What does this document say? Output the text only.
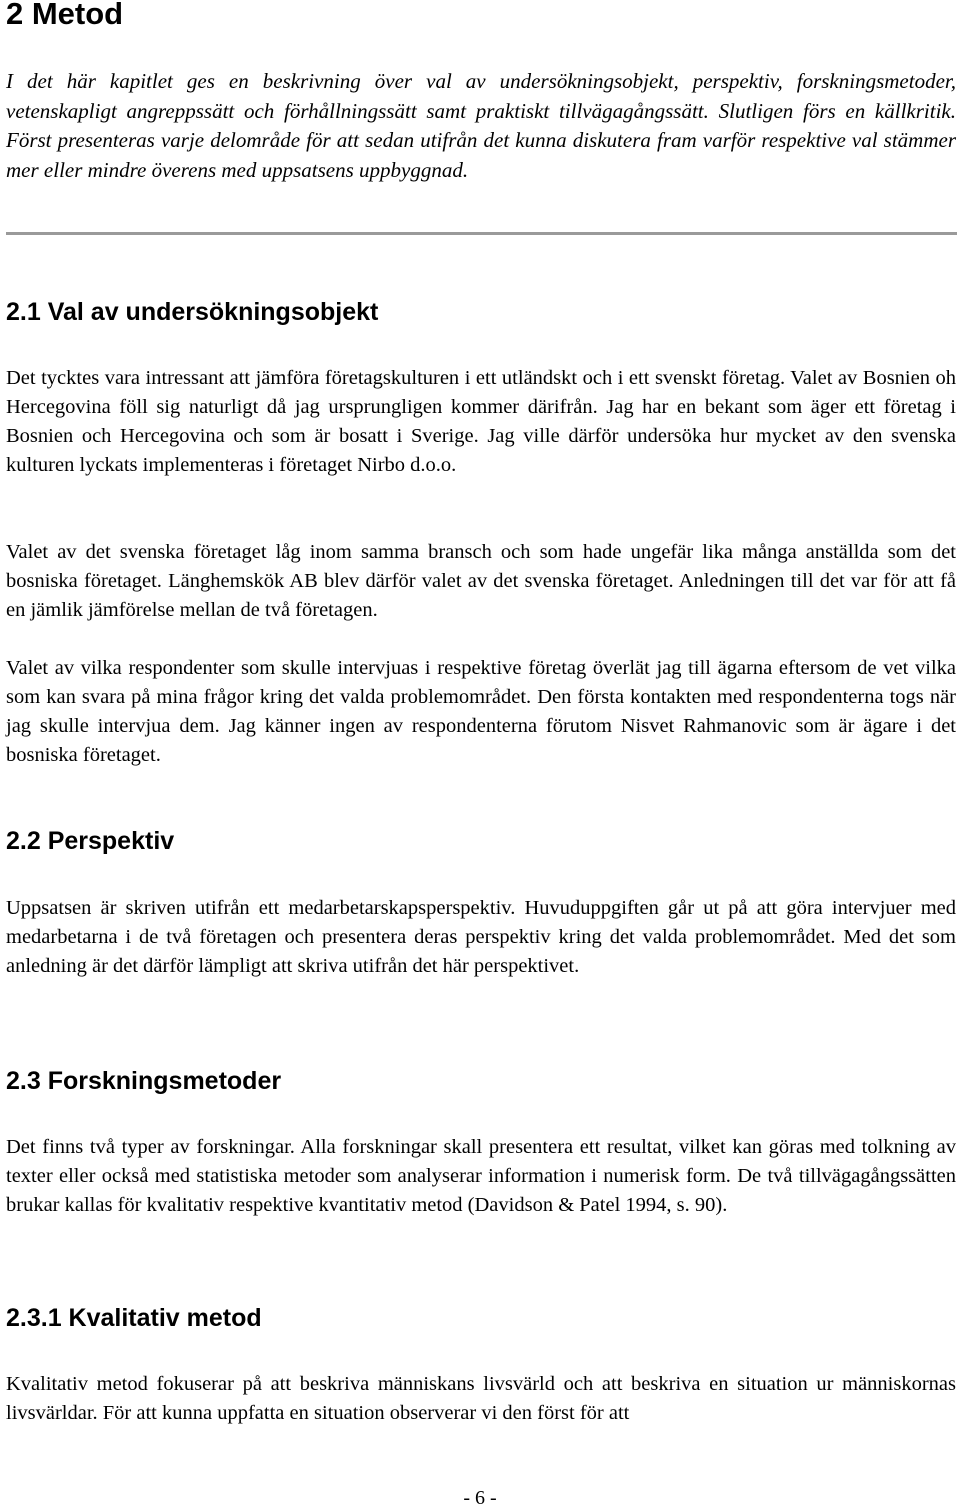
2 Metod

I det här kapitlet ges en beskrivning över val av undersökningsobjekt, perspektiv, forskningsmetoder, vetenskapligt angreppssätt och förhållningssätt samt praktiskt tillvägagångssätt. Slutligen förs en källkritik. Först presenteras varje delområde för att sedan utifrån det kunna diskutera fram varför respektive val stämmer mer eller mindre överens med uppsatsens uppbyggnad.

2.1 Val av undersökningsobjekt

Det tycktes vara intressant att jämföra företagskulturen i ett utländskt och i ett svenskt företag. Valet av Bosnien oh Hercegovina föll sig naturligt då jag ursprungligen kommer därifrån. Jag har en bekant som äger ett företag i Bosnien och Hercegovina och som är bosatt i Sverige. Jag ville därför undersöka hur mycket av den svenska kulturen lyckats implementeras i företaget Nirbo d.o.o.

Valet av det svenska företaget låg inom samma bransch och som hade ungefär lika många anställda som det bosniska företaget. Länghemskök AB blev därför valet av det svenska företaget. Anledningen till det var för att få en jämlik jämförelse mellan de två företagen.

Valet av vilka respondenter som skulle intervjuas i respektive företag överlät jag till ägarna eftersom de vet vilka som kan svara på mina frågor kring det valda problemområdet. Den första kontakten med respondenterna togs när jag skulle intervjua dem. Jag känner ingen av respondenterna förutom Nisvet Rahmanovic som är ägare i det bosniska företaget.

2.2 Perspektiv

Uppsatsen är skriven utifrån ett medarbetarskapsperspektiv. Huvuduppgiften går ut på att göra intervjuer med medarbetarna i de två företagen och presentera deras perspektiv kring det valda problemområdet. Med det som anledning är det därför lämpligt att skriva utifrån det här perspektivet.

2.3 Forskningsmetoder

Det finns två typer av forskningar. Alla forskningar skall presentera ett resultat, vilket kan göras med tolkning av texter eller också med statistiska metoder som analyserar information i numerisk form. De två tillvägagångssätten brukar kallas för kvalitativ respektive kvantitativ metod (Davidson & Patel 1994, s. 90).

2.3.1 Kvalitativ metod

Kvalitativ metod fokuserar på att beskriva människans livsvärld och att beskriva en situation ur människornas livsvärldar. För att kunna uppfatta en situation observerar vi den först för att

- 6 -
